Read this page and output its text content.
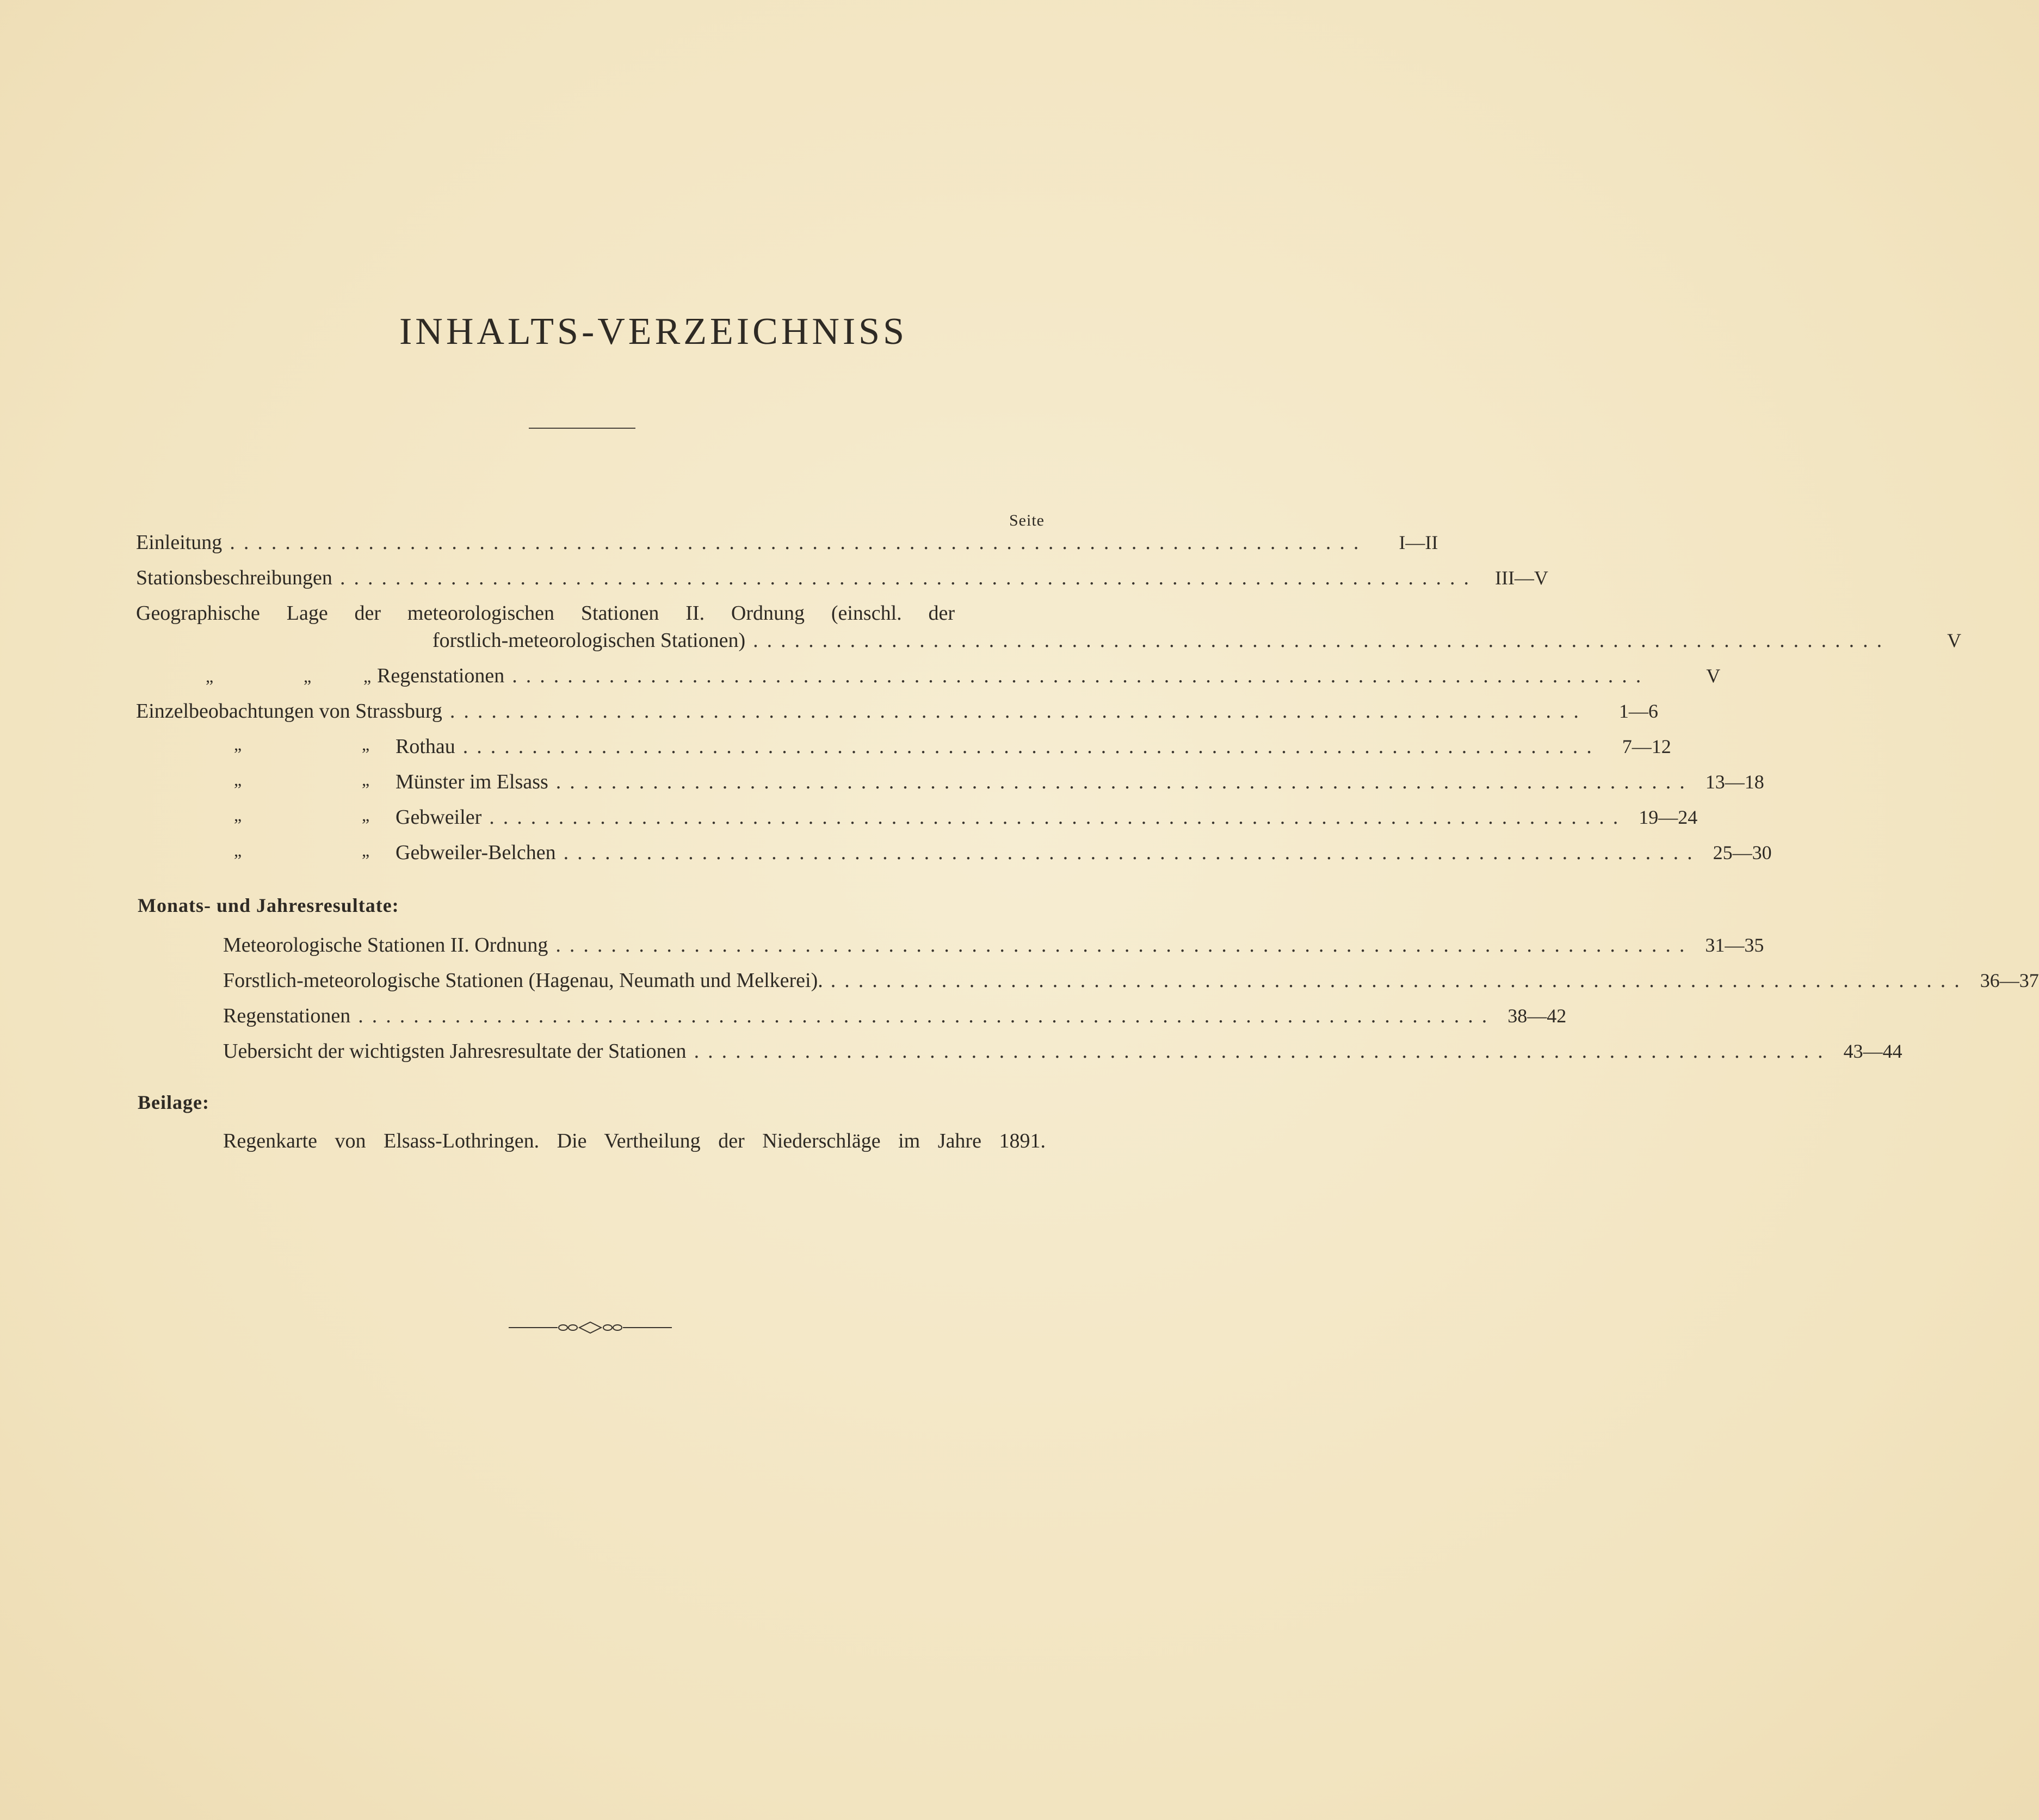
INHALTS-VERZEICHNISS
Seite
Einleitung ..................................................................................	I—II
Stationsbeschreibungen .................................................................................. III—V
Geographische Lage der meteorologischen Stationen II. Ordnung (einschl. der
forstlich-meteorologischen Stationen) ..................................................................................	V
„	„	„ Regenstationen ..................................................................................	V
Einzelbeobachtungen von Strassburg ..................................................................................	1—6
„	„ Rothau ..................................................................................	7—12
„	„ Münster im Elsass .................................................................................. 13—18
„	„ Gebweiler .................................................................................. 19—24
„	„ Gebweiler-Belchen .................................................................................. 25—30
Monats- und Jahresresultate:
Meteorologische Stationen II. Ordnung .................................................................................. 31—35
Forstlich-meteorologische Stationen (Hagenau, Neumath und Melkerei). .................................................................................. 36—37
Regenstationen .................................................................................. 38—42
Uebersicht der wichtigsten Jahresresultate der Stationen .................................................................................. 43—44
Beilage:
Regenkarte von Elsass-Lothringen. Die Vertheilung der Niederschläge im Jahre 1891.
